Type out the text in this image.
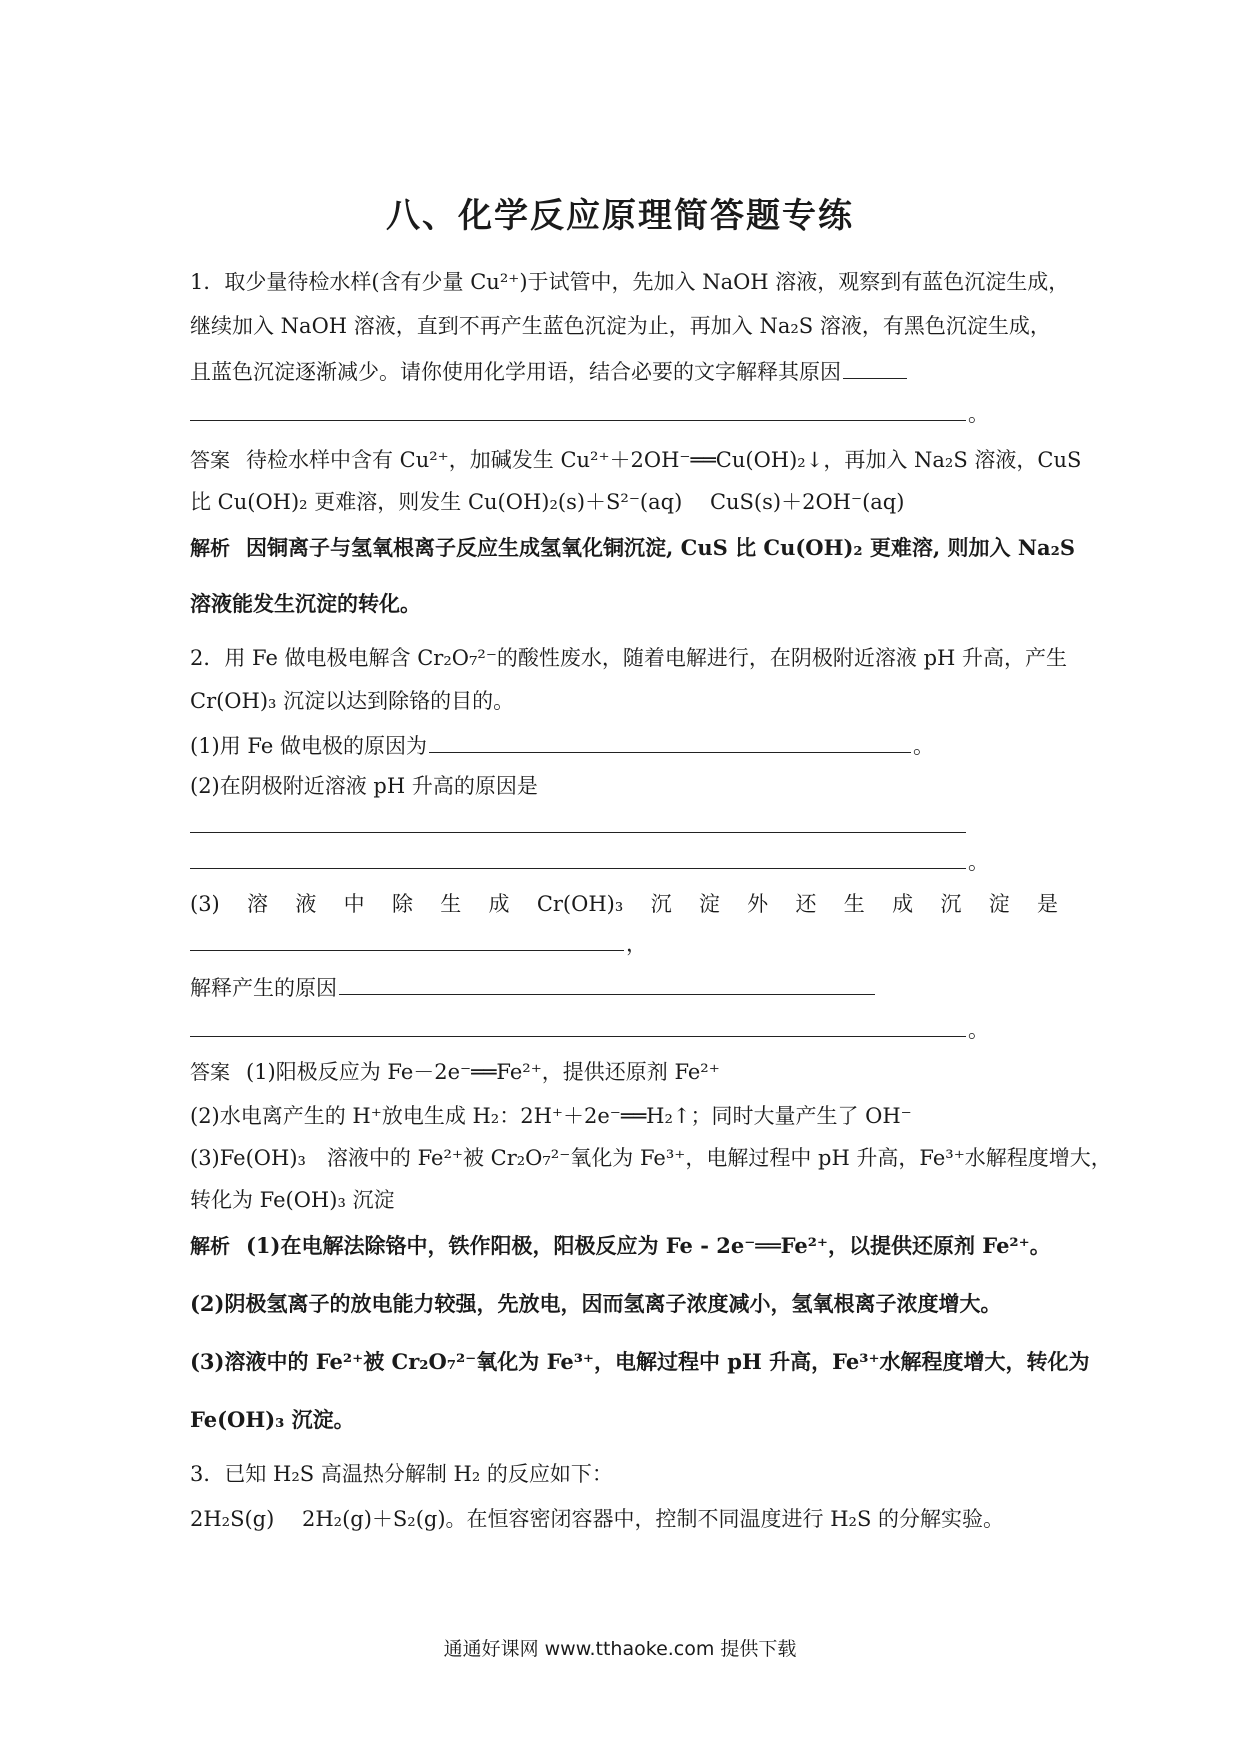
八、化学反应原理简答题专练
1．取少量待检水样(含有少量 Cu²⁺)于试管中，先加入 NaOH 溶液，观察到有蓝色沉淀生成，
继续加入 NaOH 溶液，直到不再产生蓝色沉淀为止，再加入 Na₂S 溶液，有黑色沉淀生成，
且蓝色沉淀逐渐减少。请你使用化学用语，结合必要的文字解释其原因
。
答案 待检水样中含有 Cu²⁺，加碱发生 Cu²⁺＋2OH⁻══Cu(OH)₂↓，再加入 Na₂S 溶液，CuS
比 Cu(OH)₂ 更难溶，则发生 Cu(OH)₂(s)＋S²⁻(aq)　 CuS(s)＋2OH⁻(aq)
解析 因铜离子与氢氧根离子反应生成氢氧化铜沉淀, CuS 比 Cu(OH)₂ 更难溶, 则加入 Na₂S
溶液能发生沉淀的转化。
2．用 Fe 做电极电解含 Cr₂O₇²⁻的酸性废水，随着电解进行，在阴极附近溶液 pH 升高，产生
Cr(OH)₃ 沉淀以达到除铬的目的。
(1)用 Fe 做电极的原因为	。
(2)在阴极附近溶液 pH 升高的原因是
。
(3) 溶 液 中 除 生 成 Cr(OH)₃ 沉 淀 外 还 生 成 沉 淀 是
，
解释产生的原因
。
答案 (1)阳极反应为 Fe－2e⁻══Fe²⁺，提供还原剂 Fe²⁺
(2)水电离产生的 H⁺放电生成 H₂：2H⁺＋2e⁻══H₂↑；同时大量产生了 OH⁻
(3)Fe(OH)₃　溶液中的 Fe²⁺被 Cr₂O₇²⁻氧化为 Fe³⁺，电解过程中 pH 升高，Fe³⁺水解程度增大，
转化为 Fe(OH)₃ 沉淀
解析 (1)在电解法除铬中，铁作阳极，阳极反应为 Fe - 2e⁻══Fe²⁺，以提供还原剂 Fe²⁺。
(2)阴极氢离子的放电能力较强，先放电，因而氢离子浓度减小，氢氧根离子浓度增大。
(3)溶液中的 Fe²⁺被 Cr₂O₇²⁻氧化为 Fe³⁺，电解过程中 pH 升高，Fe³⁺水解程度增大，转化为
Fe(OH)₃ 沉淀。
3．已知 H₂S 高温热分解制 H₂ 的反应如下：
2H₂S(g)　 2H₂(g)＋S₂(g)。在恒容密闭容器中，控制不同温度进行 H₂S 的分解实验。
通通好课网 www.tthaoke.com 提供下载
